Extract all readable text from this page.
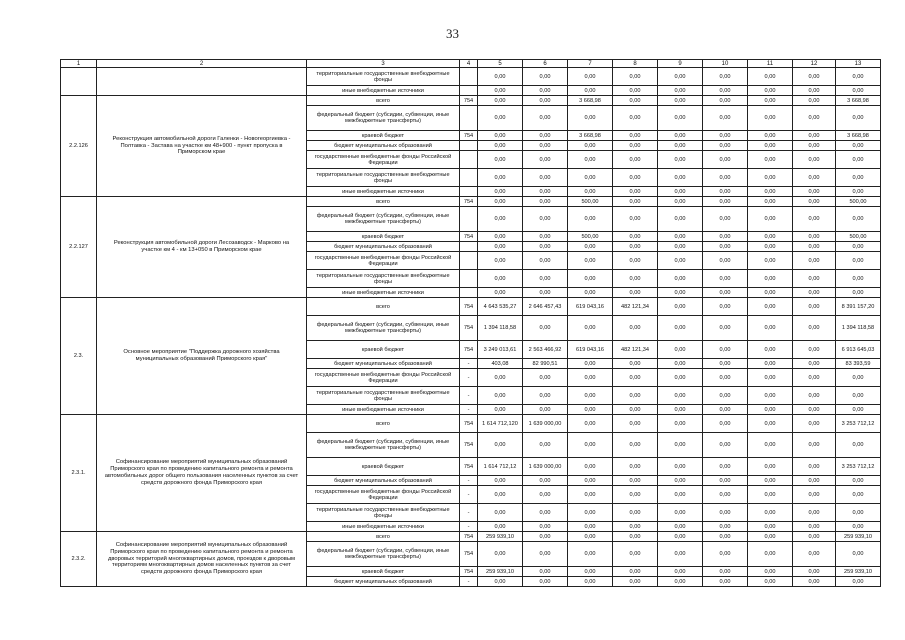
33
1	2	3	4	5	6	7	8	9	10	11	12	13
		территориальные государственные внебюджетные фонды		0,00	0,00	0,00	0,00	0,00	0,00	0,00	0,00	0,00
		иные внебюджетные источники		0,00	0,00	0,00	0,00	0,00	0,00	0,00	0,00	0,00
2.2.126	Реконструкция автомобильной дороги Галенки - Новогеоргиевка - Полтавка - Застава на участке км 48+900 - пункт пропуска в Приморском крае	всего	754	0,00	0,00	3 668,98	0,00	0,00	0,00	0,00	0,00	3 668,98
		федеральный бюджет (субсидии, субвенции, иные межбюджетные трансферты)		0,00	0,00	0,00	0,00	0,00	0,00	0,00	0,00	0,00
		краевой бюджет	754	0,00	0,00	3 668,98	0,00	0,00	0,00	0,00	0,00	3 668,98
		бюджет муниципальных образований		0,00	0,00	0,00	0,00	0,00	0,00	0,00	0,00	0,00
		государственные внебюджетные фонды Российской Федерации		0,00	0,00	0,00	0,00	0,00	0,00	0,00	0,00	0,00
		территориальные государственные внебюджетные фонды		0,00	0,00	0,00	0,00	0,00	0,00	0,00	0,00	0,00
		иные внебюджетные источники		0,00	0,00	0,00	0,00	0,00	0,00	0,00	0,00	0,00
2.2.127	Реконструкция автомобильной дороги Лесозаводск - Марково на участке км 4 - км 13+050 в Приморском крае	всего	754	0,00	0,00	500,00	0,00	0,00	0,00	0,00	0,00	500,00
		федеральный бюджет (субсидии, субвенции, иные межбюджетные трансферты)		0,00	0,00	0,00	0,00	0,00	0,00	0,00	0,00	0,00
		краевой бюджет	754	0,00	0,00	500,00	0,00	0,00	0,00	0,00	0,00	500,00
		бюджет муниципальных образований		0,00	0,00	0,00	0,00	0,00	0,00	0,00	0,00	0,00
		государственные внебюджетные фонды Российской Федерации		0,00	0,00	0,00	0,00	0,00	0,00	0,00	0,00	0,00
		территориальные государственные внебюджетные фонды		0,00	0,00	0,00	0,00	0,00	0,00	0,00	0,00	0,00
		иные внебюджетные источники		0,00	0,00	0,00	0,00	0,00	0,00	0,00	0,00	0,00
2.3.	Основное мероприятие "Поддержка дорожного хозяйства муниципальных образований Приморского края"	всего	754	4 643 535,27	2 646 457,43	619 043,16	482 121,34	0,00	0,00	0,00	0,00	8 391 157,20
		федеральный бюджет (субсидии, субвенции, иные межбюджетные трансферты)	754	1 394 118,58	0,00	0,00	0,00	0,00	0,00	0,00	0,00	1 394 118,58
		краевой бюджет	754	3 249 013,61	2 563 466,92	619 043,16	482 121,34	0,00	0,00	0,00	0,00	6 913 645,03
		бюджет муниципальных образований	-	403,08	82 990,51	0,00	0,00	0,00	0,00	0,00	0,00	83 393,59
		государственные внебюджетные фонды Российской Федерации	-	0,00	0,00	0,00	0,00	0,00	0,00	0,00	0,00	0,00
		территориальные государственные внебюджетные фонды	-	0,00	0,00	0,00	0,00	0,00	0,00	0,00	0,00	0,00
		иные внебюджетные источники	-	0,00	0,00	0,00	0,00	0,00	0,00	0,00	0,00	0,00
2.3.1.	Софинансирование мероприятий муниципальных образований Приморского края по проведению капитального ремонта и ремонта автомобильных дорог общего пользования населенных пунктов за счет средств дорожного фонда Приморского края	всего	754	1 614 712,120	1 639 000,00	0,00	0,00	0,00	0,00	0,00	0,00	3 253 712,12
		федеральный бюджет (субсидии, субвенции, иные межбюджетные трансферты)	754	0,00	0,00	0,00	0,00	0,00	0,00	0,00	0,00	0,00
		краевой бюджет	754	1 614 712,12	1 639 000,00	0,00	0,00	0,00	0,00	0,00	0,00	3 253 712,12
		бюджет муниципальных образований	-	0,00	0,00	0,00	0,00	0,00	0,00	0,00	0,00	0,00
		государственные внебюджетные фонды Российской Федерации	-	0,00	0,00	0,00	0,00	0,00	0,00	0,00	0,00	0,00
		территориальные государственные внебюджетные фонды	-	0,00	0,00	0,00	0,00	0,00	0,00	0,00	0,00	0,00
		иные внебюджетные источники	-	0,00	0,00	0,00	0,00	0,00	0,00	0,00	0,00	0,00
2.3.2.	Софинансирование мероприятий муниципальных образований Приморского края по проведению капитального ремонта и ремонта дворовых территорий многоквартирных домов, проездов к дворовым территориям многоквартирных домов населенных пунктов за счет средств дорожного фонда Приморского края	всего	754	259 939,10	0,00	0,00	0,00	0,00	0,00	0,00	0,00	259 939,10
		федеральный бюджет (субсидии, субвенции, иные межбюджетные трансферты)	754	0,00	0,00	0,00	0,00	0,00	0,00	0,00	0,00	0,00
		краевой бюджет	754	259 939,10	0,00	0,00	0,00	0,00	0,00	0,00	0,00	259 939,10
		бюджет муниципальных образований	-	0,00	0,00	0,00	0,00	0,00	0,00	0,00	0,00	0,00
